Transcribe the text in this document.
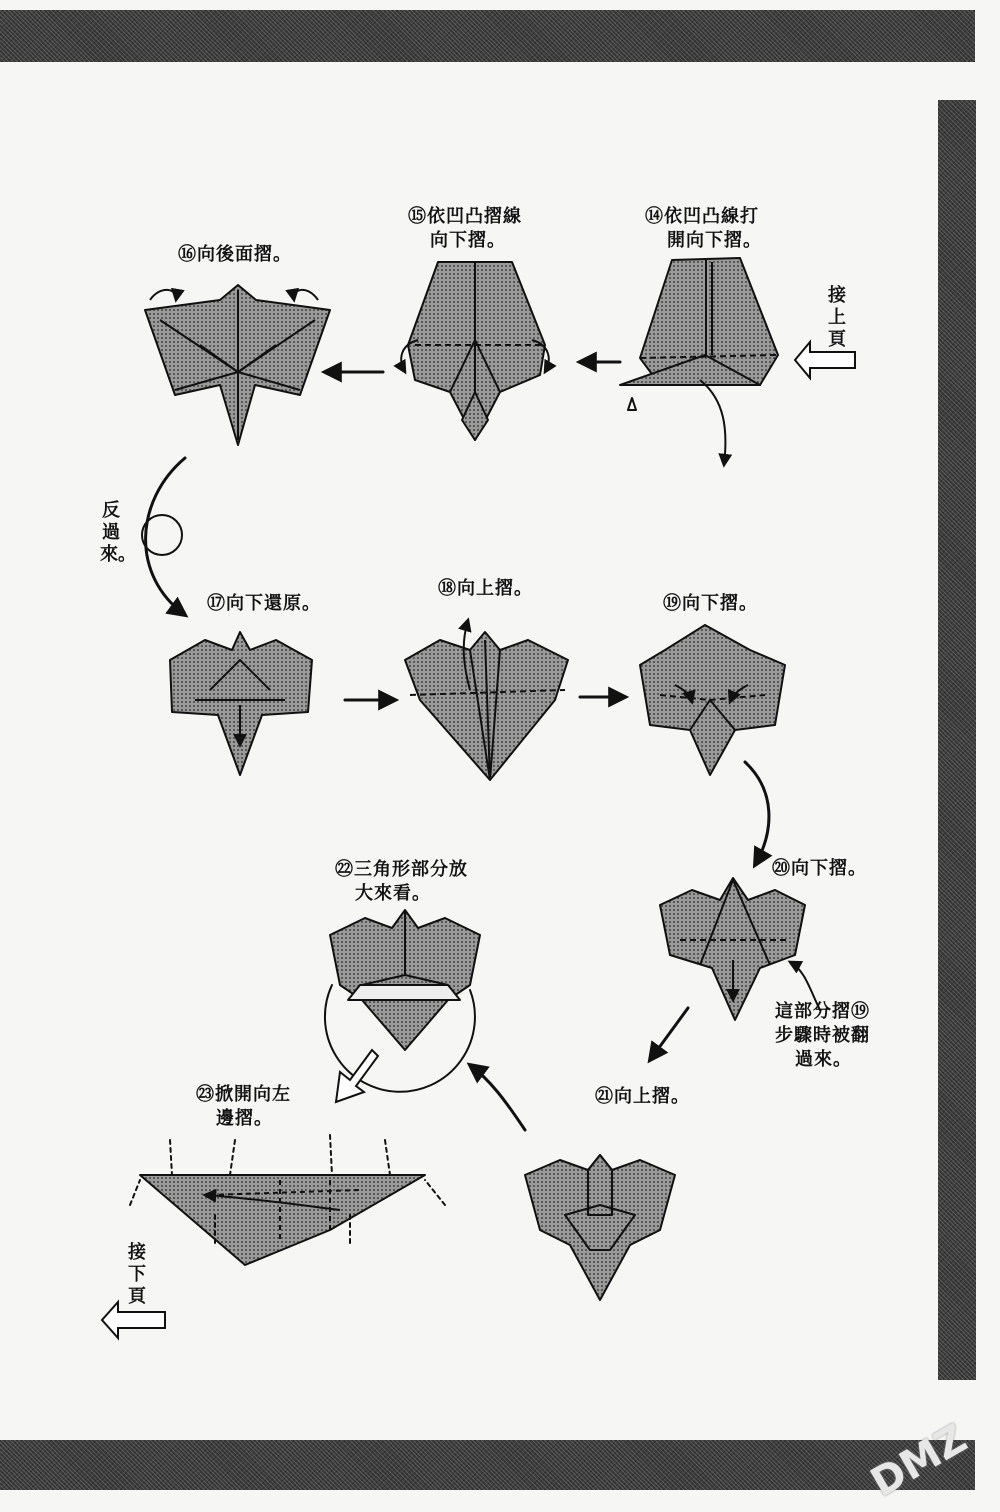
⑭依凹凸線打
開向下摺。
⑮依凹凸摺線
向下摺。
⑯向後面摺。
⑰向下還原。
⑱向上摺。
⑲向下摺。
⑳向下摺。
㉑向上摺。
㉒三角形部分放
大來看。
㉓掀開向左
邊摺。
接上頁
反過來。
接下頁
這部分摺⑲
步驟時被翻
過來。
DMZ
